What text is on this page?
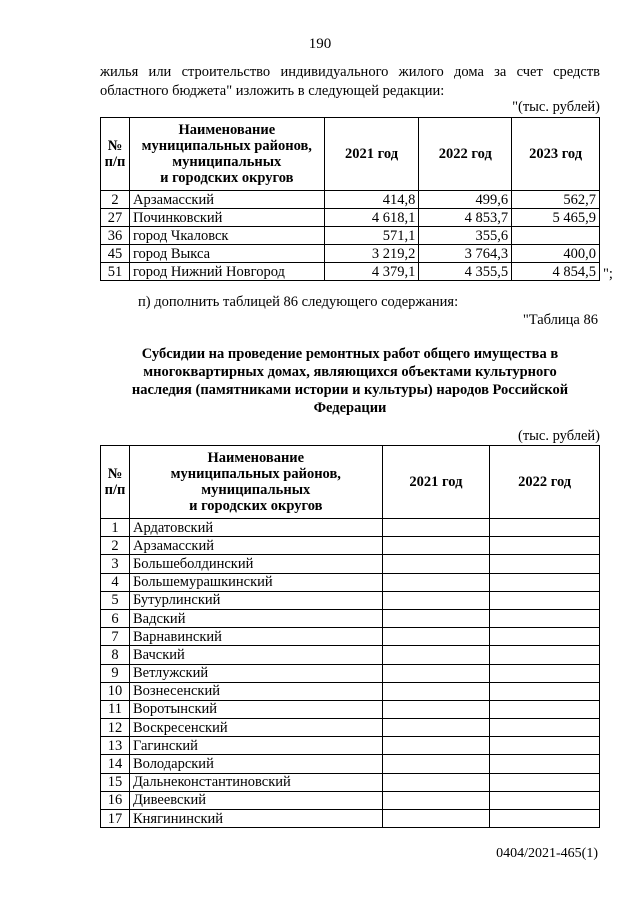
190
жилья или строительство индивидуального жилого дома за счет средств
областного бюджета" изложить в следующей редакции:
"(тыс. рублей)
№ п/п	Наименование
муниципальных районов,
муниципальных
и городских округов	2021 год	2022 год	2023 год
2	Арзамасский	414,8	499,6	562,7
27	Починковский	4 618,1	4 853,7	5 465,9
36	город Чкаловск	571,1	355,6	
45	город Выкса	3 219,2	3 764,3	400,0
51	город Нижний Новгород	4 379,1	4 355,5	4 854,5 ";
п) дополнить таблицей 86 следующего содержания:
"Таблица 86
Субсидии на проведение ремонтных работ общего имущества в
многоквартирных домах, являющихся объектами культурного
наследия (памятниками истории и культуры) народов Российской
Федерации
(тыс. рублей)
№ п/п	Наименование
муниципальных районов,
муниципальных
и городских округов	2021 год	2022 год
1	Ардатовский		
2	Арзамасский		
3	Большеболдинский		
4	Большемурашкинский		
5	Бутурлинский		
6	Вадский		
7	Варнавинский		
8	Вачский		
9	Ветлужский		
10	Вознесенский		
11	Воротынский		
12	Воскресенский		
13	Гагинский		
14	Володарский		
15	Дальнеконстантиновский		
16	Дивеевский		
17	Княгининский		
0404/2021-465(1)
